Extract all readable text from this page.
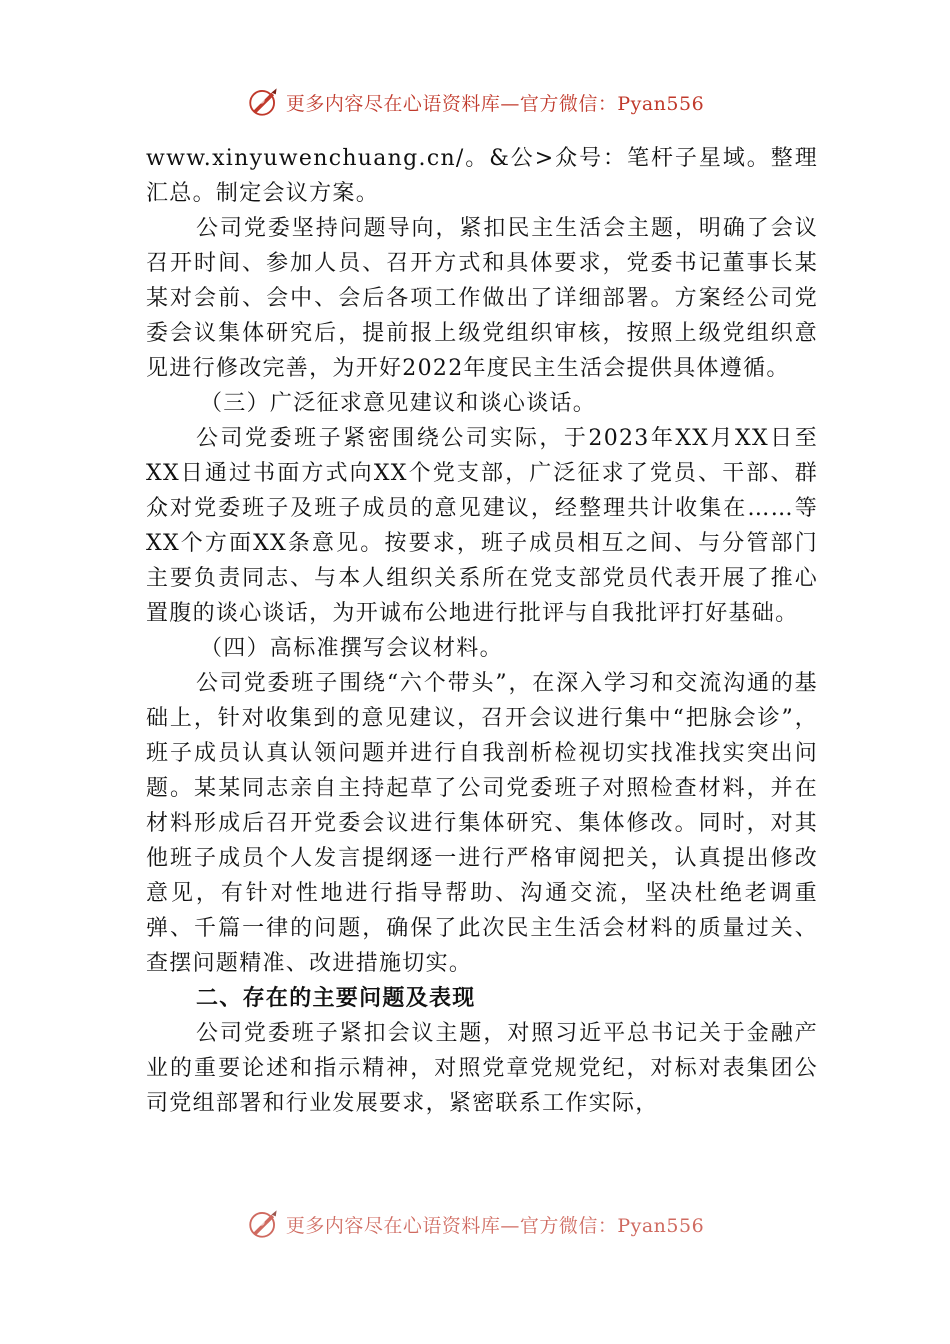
更多内容尽在心语资料库—官方微信：Pyan556

www.xinyuwenchuang.cn/。&公>众号：笔杆子星域。整理汇总。制定会议方案。

公司党委坚持问题导向，紧扣民主生活会主题，明确了会议召开时间、参加人员、召开方式和具体要求，党委书记董事长某某对会前、会中、会后各项工作做出了详细部署。方案经公司党委会议集体研究后，提前报上级党组织审核，按照上级党组织意见进行修改完善，为开好2022年度民主生活会提供具体遵循。

（三）广泛征求意见建议和谈心谈话。

公司党委班子紧密围绕公司实际，于2023年XX月XX日至XX日通过书面方式向XX个党支部，广泛征求了党员、干部、群众对党委班子及班子成员的意见建议，经整理共计收集在……等XX个方面XX条意见。按要求，班子成员相互之间、与分管部门主要负责同志、与本人组织关系所在党支部党员代表开展了推心置腹的谈心谈话，为开诚布公地进行批评与自我批评打好基础。

（四）高标准撰写会议材料。

公司党委班子围绕“六个带头”，在深入学习和交流沟通的基础上，针对收集到的意见建议，召开会议进行集中“把脉会诊”，班子成员认真认领问题并进行自我剖析检视切实找准找实突出问题。某某同志亲自主持起草了公司党委班子对照检查材料，并在材料形成后召开党委会议进行集体研究、集体修改。同时，对其他班子成员个人发言提纲逐一进行严格审阅把关，认真提出修改意见，有针对性地进行指导帮助、沟通交流，坚决杜绝老调重弹、千篇一律的问题，确保了此次民主生活会材料的质量过关、查摆问题精准、改进措施切实。

二、存在的主要问题及表现

公司党委班子紧扣会议主题，对照习近平总书记关于金融产业的重要论述和指示精神，对照党章党规党纪，对标对表集团公司党组部署和行业发展要求，紧密联系工作实际，

更多内容尽在心语资料库—官方微信：Pyan556
